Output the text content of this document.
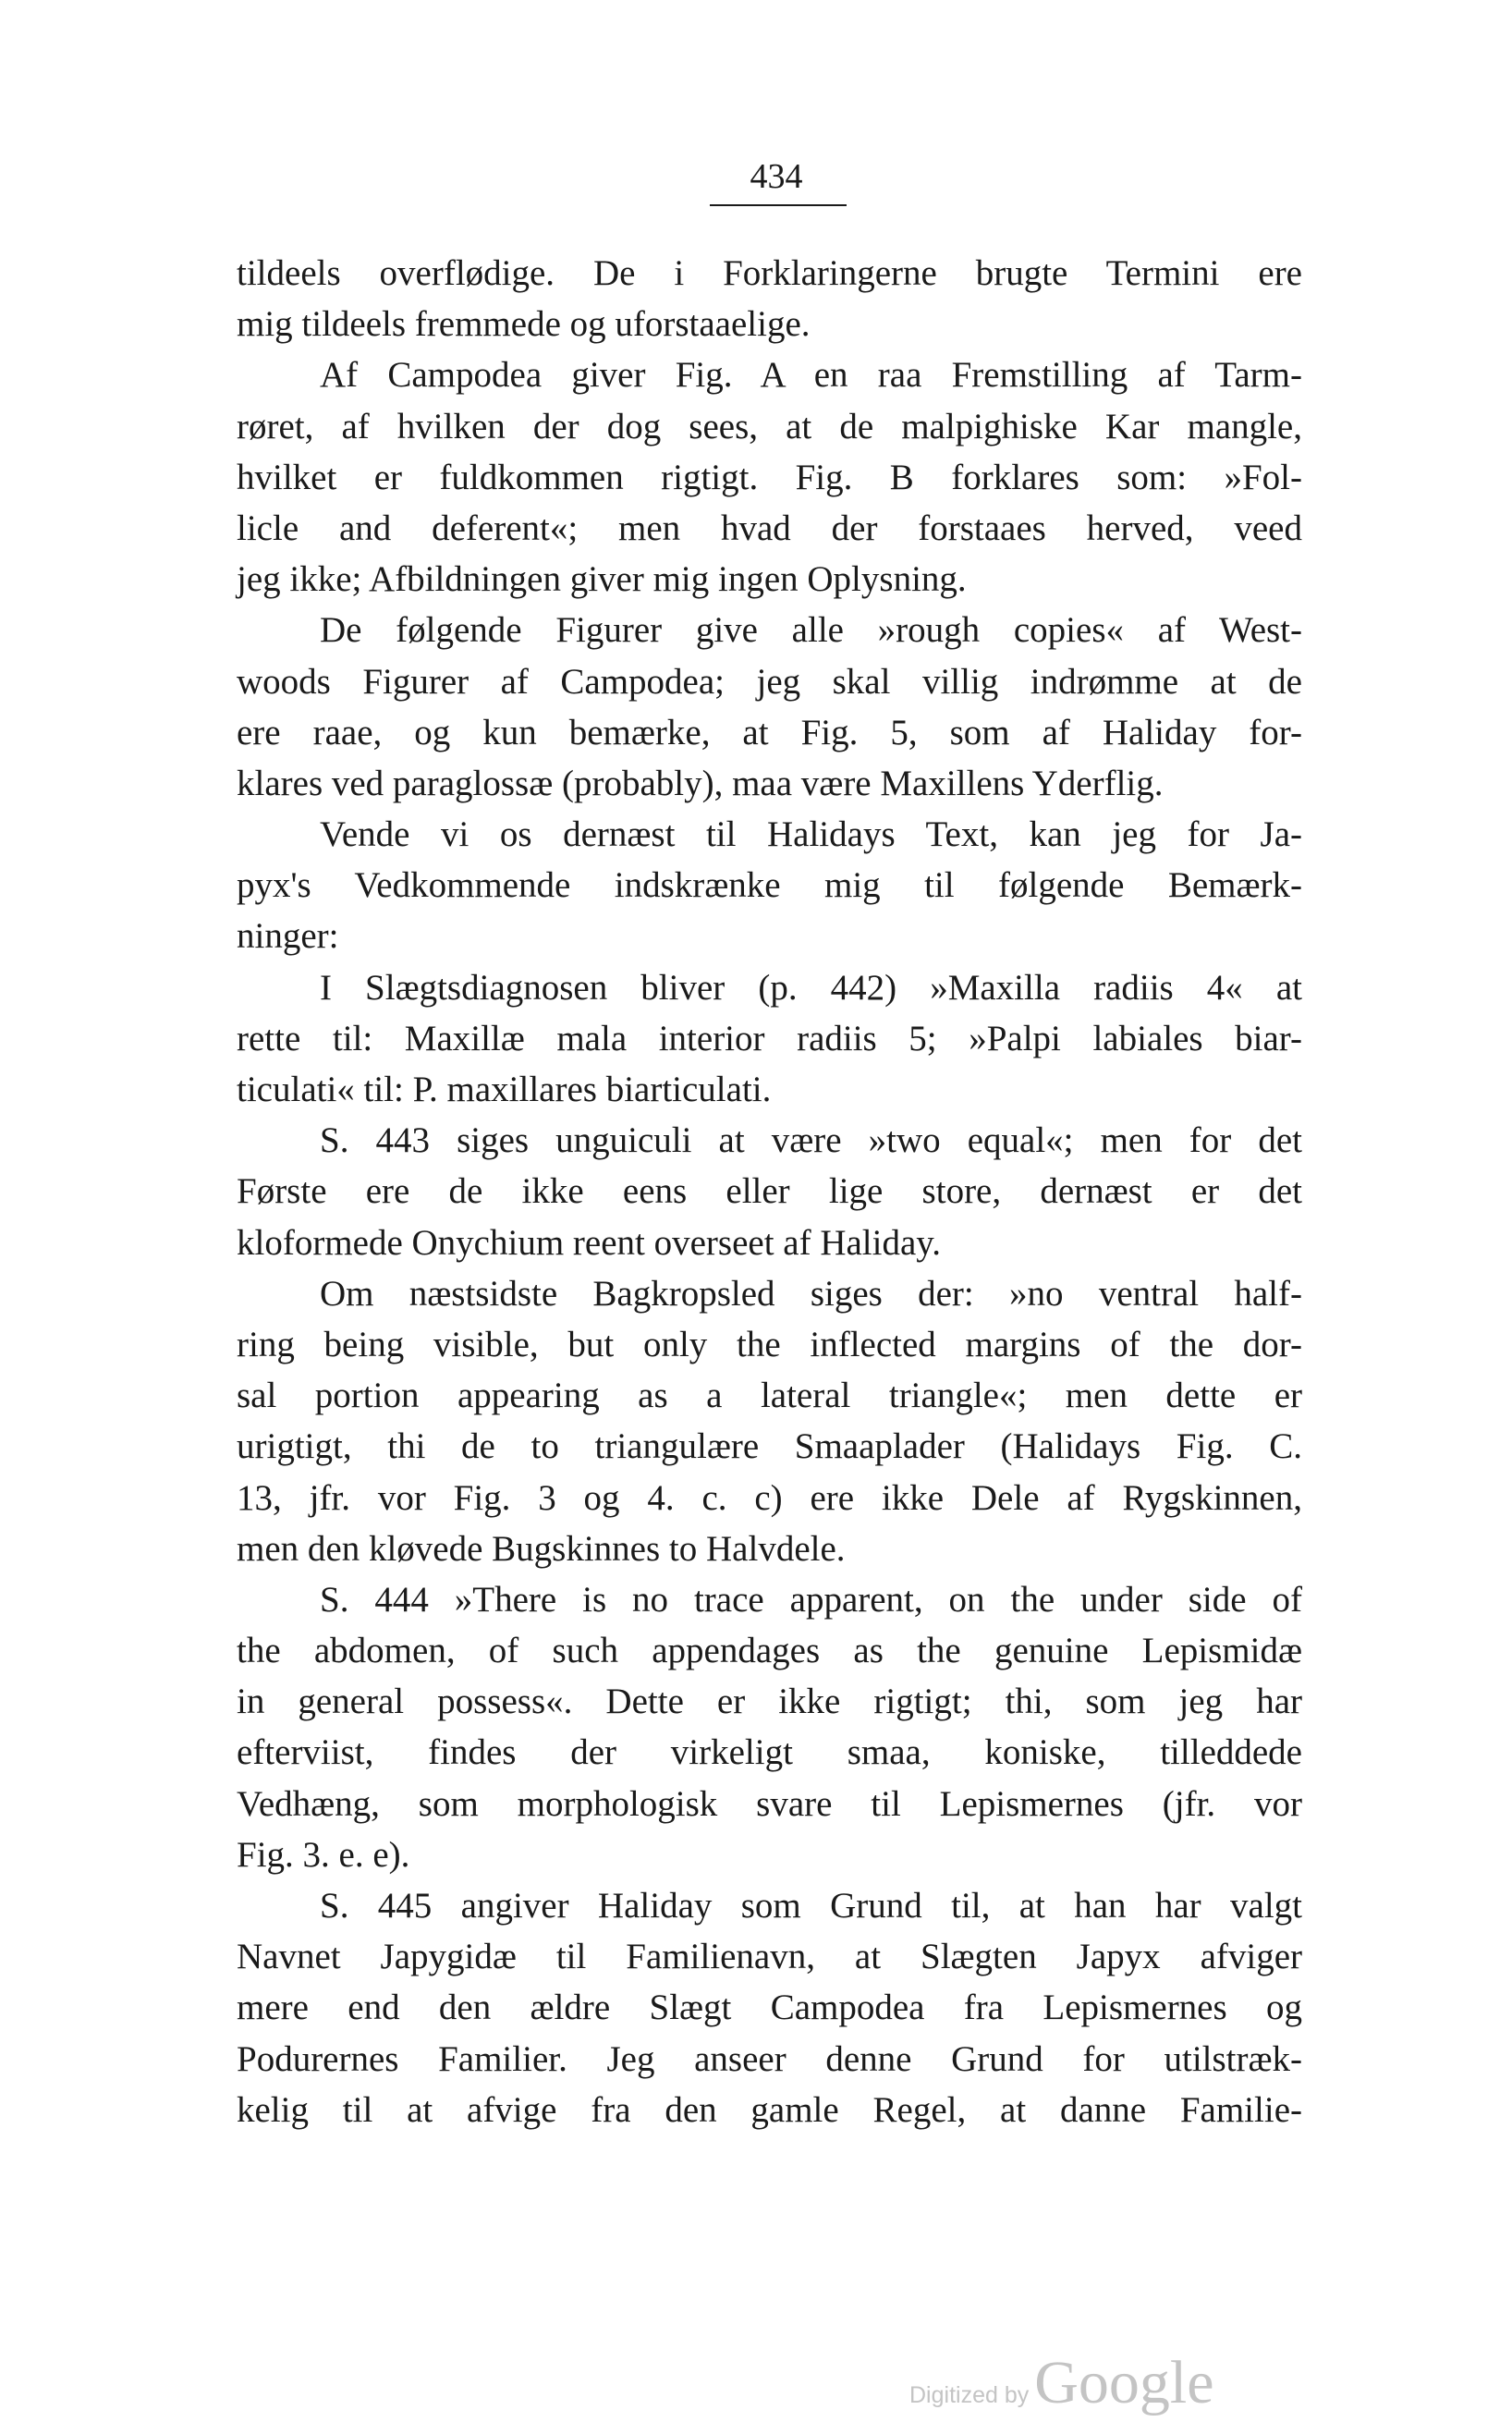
434
tildeels overflødige. De i Forklaringerne brugte Termini ere
mig tildeels fremmede og uforstaaelige.
Af Campodea giver Fig. A en raa Fremstilling af Tarm-
røret, af hvilken der dog sees, at de malpighiske Kar mangle,
hvilket er fuldkommen rigtigt. Fig. B forklares som: »Fol-
licle and deferent«; men hvad der forstaaes herved, veed
jeg ikke; Afbildningen giver mig ingen Oplysning.
De følgende Figurer give alle »rough copies« af West-
woods Figurer af Campodea; jeg skal villig indrømme at de
ere raae, og kun bemærke, at Fig. 5, som af Haliday for-
klares ved paraglossæ (probably), maa være Maxillens Yderflig.
Vende vi os dernæst til Halidays Text, kan jeg for Ja-
pyx's Vedkommende indskrænke mig til følgende Bemærk-
ninger:
I Slægtsdiagnosen bliver (p. 442) »Maxilla radiis 4« at
rette til: Maxillæ mala interior radiis 5; »Palpi labiales biar-
ticulati« til: P. maxillares biarticulati.
S. 443 siges unguiculi at være »two equal«; men for det
Første ere de ikke eens eller lige store, dernæst er det
kloformede Onychium reent overseet af Haliday.
Om næstsidste Bagkropsled siges der: »no ventral half-
ring being visible, but only the inflected margins of the dor-
sal portion appearing as a lateral triangle«; men dette er
urigtigt, thi de to triangulære Smaaplader (Halidays Fig. C.
13, jfr. vor Fig. 3 og 4. c. c) ere ikke Dele af Rygskinnen,
men den kløvede Bugskinnes to Halvdele.
S. 444 »There is no trace apparent, on the under side of
the abdomen, of such appendages as the genuine Lepismidæ
in general possess«. Dette er ikke rigtigt; thi, som jeg har
efterviist, findes der virkeligt smaa, koniske, tilleddede
Vedhæng, som morphologisk svare til Lepismernes (jfr. vor
Fig. 3. e. e).
S. 445 angiver Haliday som Grund til, at han har valgt
Navnet Japygidæ til Familienavn, at Slægten Japyx afviger
mere end den ældre Slægt Campodea fra Lepismernes og
Podurernes Familier. Jeg anseer denne Grund for utilstræk-
kelig til at afvige fra den gamle Regel, at danne Familie-
Digitized by Google
